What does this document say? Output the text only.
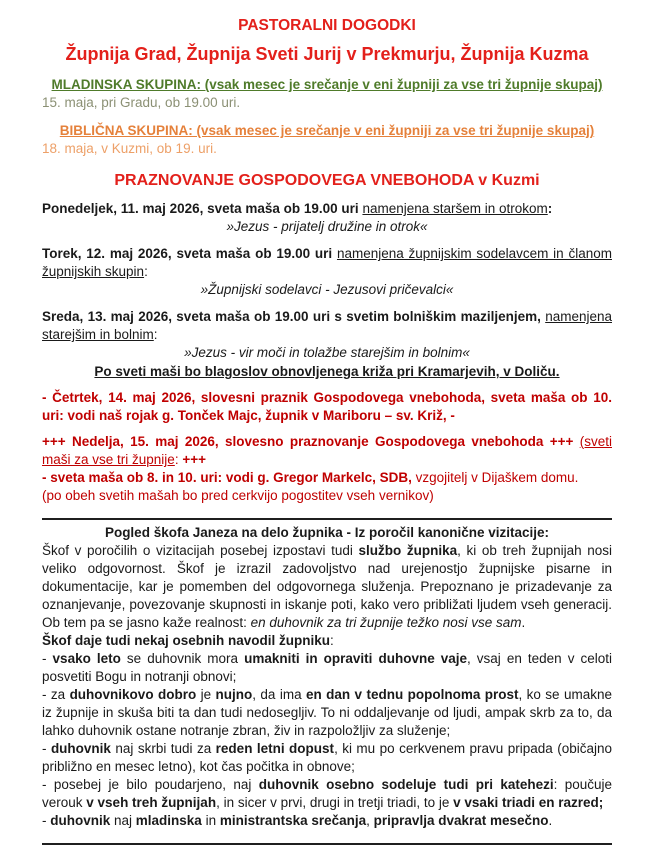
PASTORALNI DOGODKI
Župnija Grad, Župnija Sveti Jurij v Prekmurju, Župnija Kuzma

MLADINSKA SKUPINA: (vsak mesec je srečanje v eni župniji za vse tri župnije skupaj)

15. maja, pri Gradu, ob 19.00 uri.

BIBLIČNA SKUPINA: (vsak mesec je srečanje v eni župniji za vse tri župnije skupaj)

18. maja, v Kuzmi, ob 19. uri.

PRAZNOVANJE GOSPODOVEGA VNEBOHODA v Kuzmi

Ponedeljek, 11. maj 2026, sveta maša ob 19.00 uri namenjena staršem in otrokom:

»Jezus - prijatelj družine in otrok«

Torek, 12. maj 2026, sveta maša ob 19.00 uri namenjena župnijskim sodelavcem in članom župnijskih skupin:

»Župnijski sodelavci - Jezusovi pričevalci«

Sreda, 13. maj 2026, sveta maša ob 19.00 uri s svetim bolniškim maziljenjem, namenjena starejšim in bolnim:

»Jezus - vir moči in tolažbe starejšim in bolnim«

Po sveti maši bo blagoslov obnovljenega križa pri Kramarjevih, v Doliču.

- Četrtek, 14. maj 2026, slovesni praznik Gospodovega vnebohoda, sveta maša ob 10. uri: vodi naš rojak g. Tonček Majc, župnik v Mariboru – sv. Križ, -

+++ Nedelja, 15. maj 2026, slovesno praznovanje Gospodovega vnebohoda +++ (sveti maši za vse tri župnije: +++

- sveta maša ob 8. in 10. uri: vodi g. Gregor Markelc, SDB, vzgojitelj v Dijaškem domu.

(po obeh svetih mašah bo pred cerkvijo pogostitev vseh vernikov)

Pogled škofa Janeza na delo župnika - Iz poročil kanonične vizitacije:

Škof v poročilih o vizitacijah posebej izpostavi tudi službo župnika, ki ob treh župnijah nosi veliko odgovornost. Škof je izrazil zadovoljstvo nad urejenostjo župnijske pisarne in dokumentacije, kar je pomemben del odgovornega služenja. Prepoznano je prizadevanje za oznanjevanje, povezovanje skupnosti in iskanje poti, kako vero približati ljudem vseh generacij. Ob tem pa se jasno kaže realnost: en duhovnik za tri župnije težko nosi vse sam.

Škof daje tudi nekaj osebnih navodil župniku:

- vsako leto se duhovnik mora umakniti in opraviti duhovne vaje, vsaj en teden v celoti posvetiti Bogu in notranji obnovi;

- za duhovnikovo dobro je nujno, da ima en dan v tednu popolnoma prost, ko se umakne iz župnije in skuša biti ta dan tudi nedosegljiv. To ni oddaljevanje od ljudi, ampak skrb za to, da lahko duhovnik ostane notranje zbran, živ in razpoložljiv za služenje;

- duhovnik naj skrbi tudi za reden letni dopust, ki mu po cerkvenem pravu pripada (običajno približno en mesec letno), kot čas počitka in obnove;

- posebej je bilo poudarjeno, naj duhovnik osebno sodeluje tudi pri katehezi: poučuje verouk v vseh treh župnijah, in sicer v prvi, drugi in tretji triadi, to je v vsaki triadi en razred;

- duhovnik naj mladinska in ministrantska srečanja, pripravlja dvakrat mesečno.
